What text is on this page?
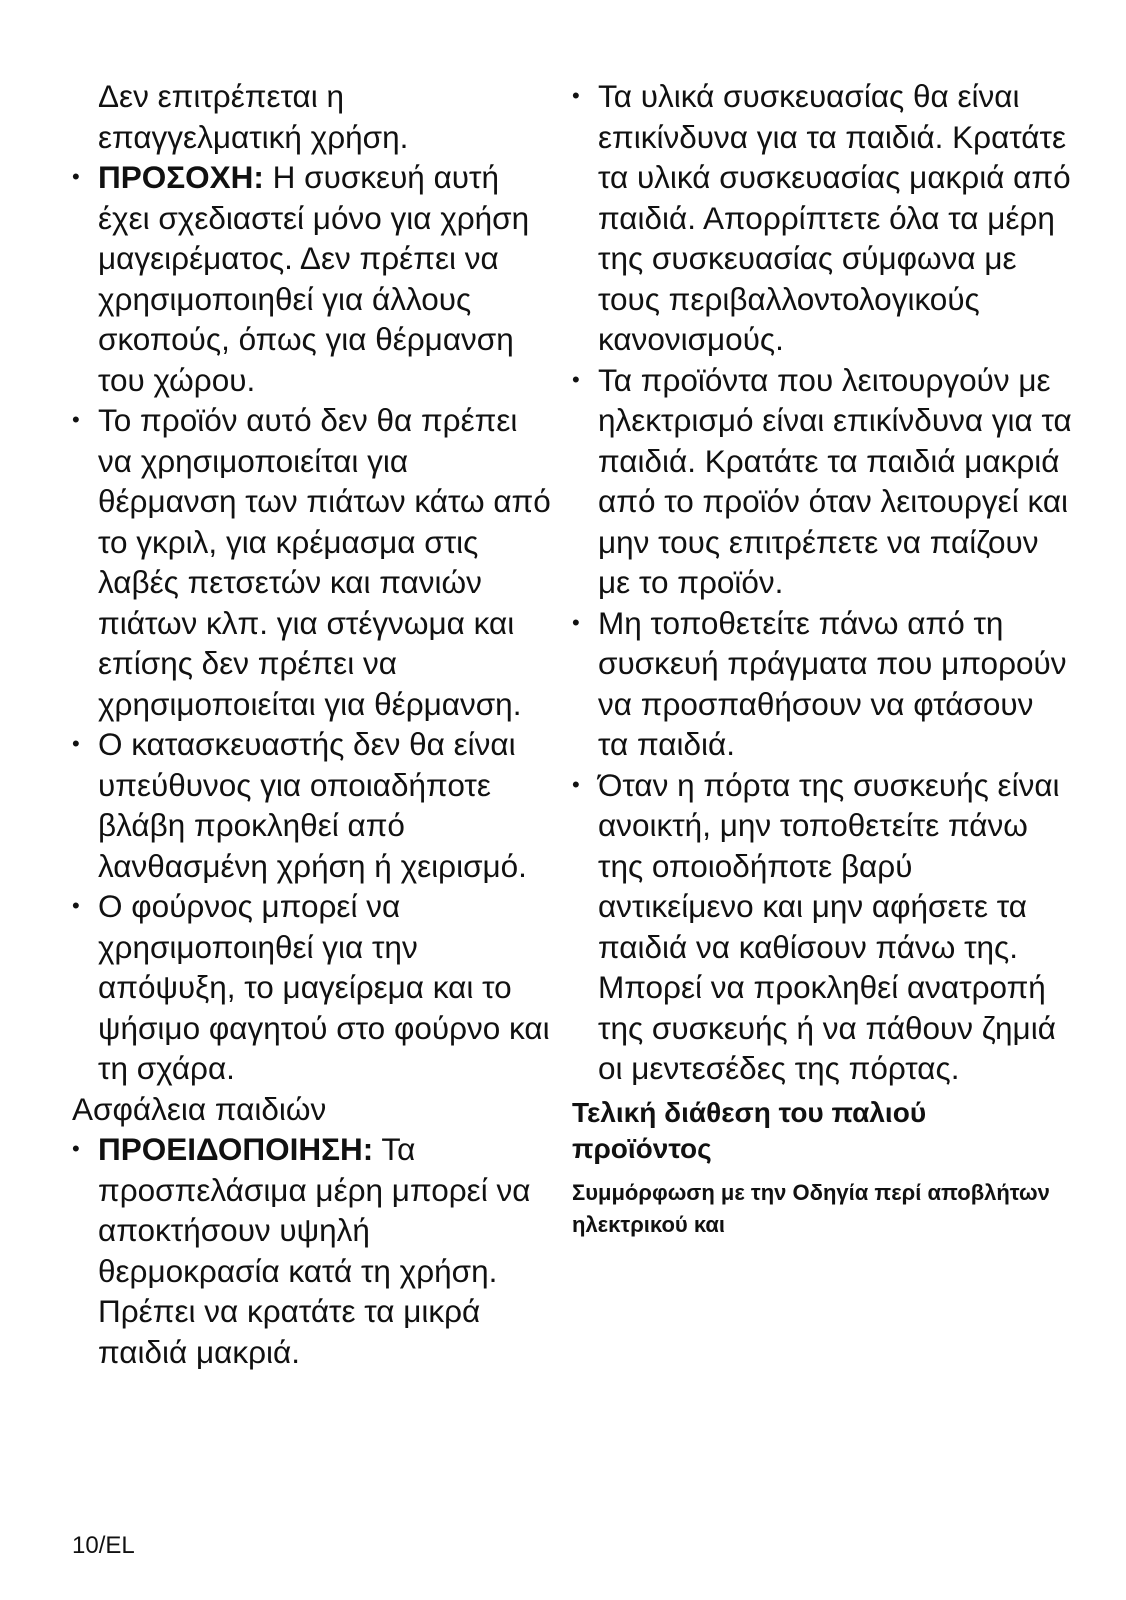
Δεν επιτρέπεται η επαγγελματική χρήση.

• ΠΡΟΣΟΧΗ: Η συσκευή αυτή έχει σχεδιαστεί μόνο για χρήση μαγειρέματος. Δεν πρέπει να χρησιμοποιηθεί για άλλους σκοπούς, όπως για θέρμανση του χώρου.
• Το προϊόν αυτό δεν θα πρέπει να χρησιμοποιείται για θέρμανση των πιάτων κάτω από το γκριλ, για κρέμασμα στις λαβές πετσετών και πανιών πιάτων κλπ. για στέγνωμα και επίσης δεν πρέπει να χρησιμοποιείται για θέρμανση.
• Ο κατασκευαστής δεν θα είναι υπεύθυνος για οποιαδήποτε βλάβη προκληθεί από λανθασμένη χρήση ή χειρισμό.
• Ο φούρνος μπορεί να χρησιμοποιηθεί για την απόψυξη, το μαγείρεμα και το ψήσιμο φαγητού στο φούρνο και τη σχάρα.
Ασφάλεια παιδιών
• ΠΡΟΕΙΔΟΠΟΙΗΣΗ: Τα προσπελάσιμα μέρη μπορεί να αποκτήσουν υψηλή θερμοκρασία κατά τη χρήση. Πρέπει να κρατάτε τα μικρά παιδιά μακριά.
• Τα υλικά συσκευασίας θα είναι επικίνδυνα για τα παιδιά. Κρατάτε τα υλικά συσκευασίας μακριά από παιδιά. Απορρίπτετε όλα τα μέρη της συσκευασίας σύμφωνα με τους περιβαλλοντολογικούς κανονισμούς.
• Τα προϊόντα που λειτουργούν με ηλεκτρισμό είναι επικίνδυνα για τα παιδιά. Κρατάτε τα παιδιά μακριά από το προϊόν όταν λειτουργεί και μην τους επιτρέπετε να παίζουν με το προϊόν.
• Μη τοποθετείτε πάνω από τη συσκευή πράγματα που μπορούν να προσπαθήσουν να φτάσουν τα παιδιά.
• Όταν η πόρτα της συσκευής είναι ανοικτή, μην τοποθετείτε πάνω της οποιοδήποτε βαρύ αντικείμενο και μην αφήσετε τα παιδιά να καθίσουν πάνω της. Μπορεί να προκληθεί ανατροπή της συσκευής ή να πάθουν ζημιά οι μεντεσέδες της πόρτας.
Τελική διάθεση του παλιού προϊόντος
Συμμόρφωση με την Οδηγία περί αποβλήτων ηλεκτρικού και
10/EL
